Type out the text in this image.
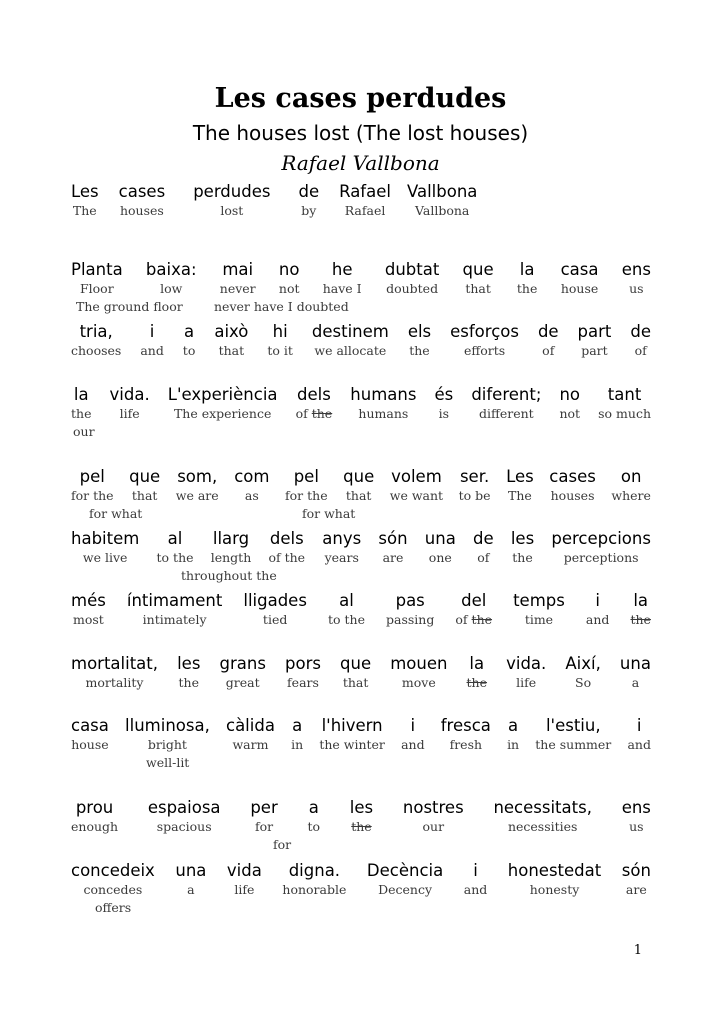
Les cases perdudes
The houses lost (The lost houses)
Rafael Vallbona
Les
The
cases
houses
perdudes
lost
de
by
Rafael
Rafael
Vallbona
Vallbona
Planta
Floor
baixa:
low
mai
never
no
not
he
have I
dubtat
doubted
que
that
la
the
casa
house
ens
us
tria,
chooses
i
and
a
to
això
that
hi
to it
destinem
we allocate
els
the
esforços
efforts
de
of
part
part
de
of
la
the
vida.
life
L'experiència
The experience
dels
of the
humans
humans
és
is
diferent;
different
no
not
tant
so much
pel
for the
que
that
som,
we are
com
as
pel
for the
que
that
volem
we want
ser.
to be
Les
The
cases
houses
on
where
habitem
we live
al
to the
llarg
length
dels
of the
anys
years
són
are
una
one
de
of
les
the
percepcions
perceptions
més
most
íntimament
intimately
lligades
tied
al
to the
pas
passing
del
of the
temps
time
i
and
la
the
mortalitat,
mortality
les
the
grans
great
pors
fears
que
that
mouen
move
la
the
vida.
life
Així,
So
una
a
casa
house
lluminosa,
bright
càlida
warm
a
in
l'hivern
the winter
i
and
fresca
fresh
a
in
l'estiu,
the summer
i
and
prou
enough
espaiosa
spacious
per
for
a
to
les
the
nostres
our
necessitats,
necessities
ens
us
concedeix
concedes
una
a
vida
life
digna.
honorable
Decència
Decency
i
and
honestedat
honesty
són
are
1
The ground floor	never have I doubted
our
for what	for what
throughout the
well-lit
for
offers
